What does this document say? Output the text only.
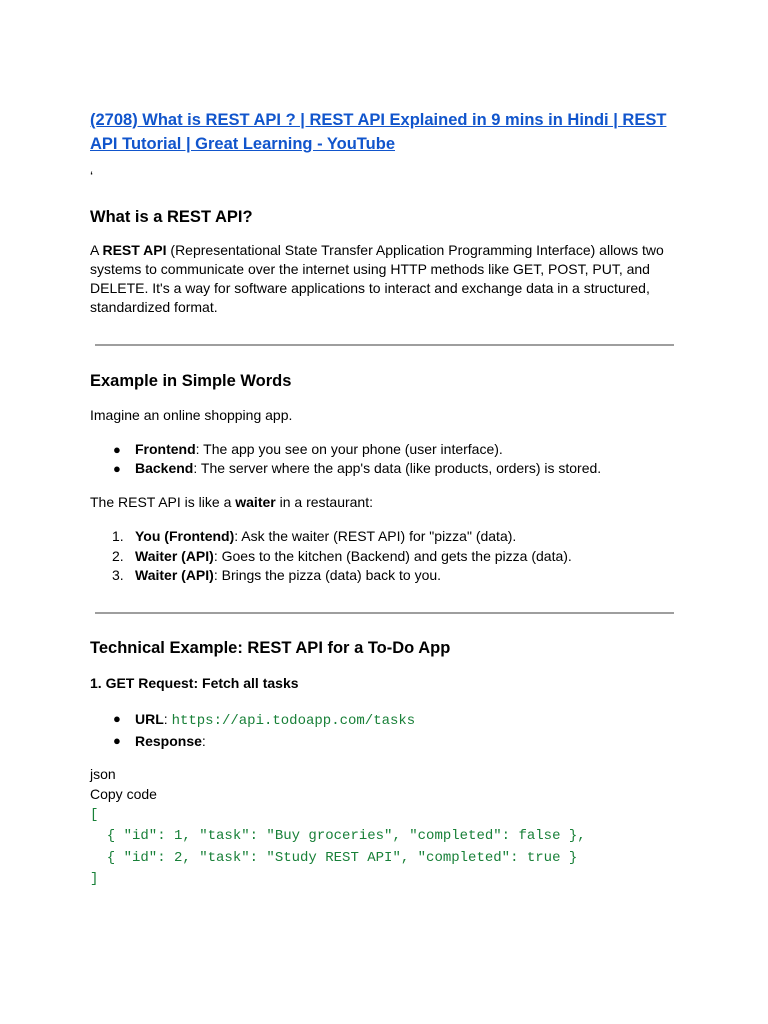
(2708) What is REST API ? | REST API Explained in 9 mins in Hindi | REST
API Tutorial | Great Learning - YouTube
‘
What is a REST API?

A REST API (Representational State Transfer Application Programming Interface) allows two
systems to communicate over the internet using HTTP methods like GET, POST, PUT, and
DELETE. It's a way for software applications to interact and exchange data in a structured,
standardized format.

Example in Simple Words

Imagine an online shopping app.

● Frontend: The app you see on your phone (user interface).
● Backend: The server where the app's data (like products, orders) is stored.

The REST API is like a waiter in a restaurant:

1. You (Frontend): Ask the waiter (REST API) for "pizza" (data).
2. Waiter (API): Goes to the kitchen (Backend) and gets the pizza (data).
3. Waiter (API): Brings the pizza (data) back to you.
Technical Example: REST API for a To-Do App
1. GET Request: Fetch all tasks
● URL: https://api.todoapp.com/tasks
● Response:

json

Copy code

[
{ "id": 1, "task": "Buy groceries", "completed": false },
{ "id": 2, "task": "Study REST API", "completed": true }
]
